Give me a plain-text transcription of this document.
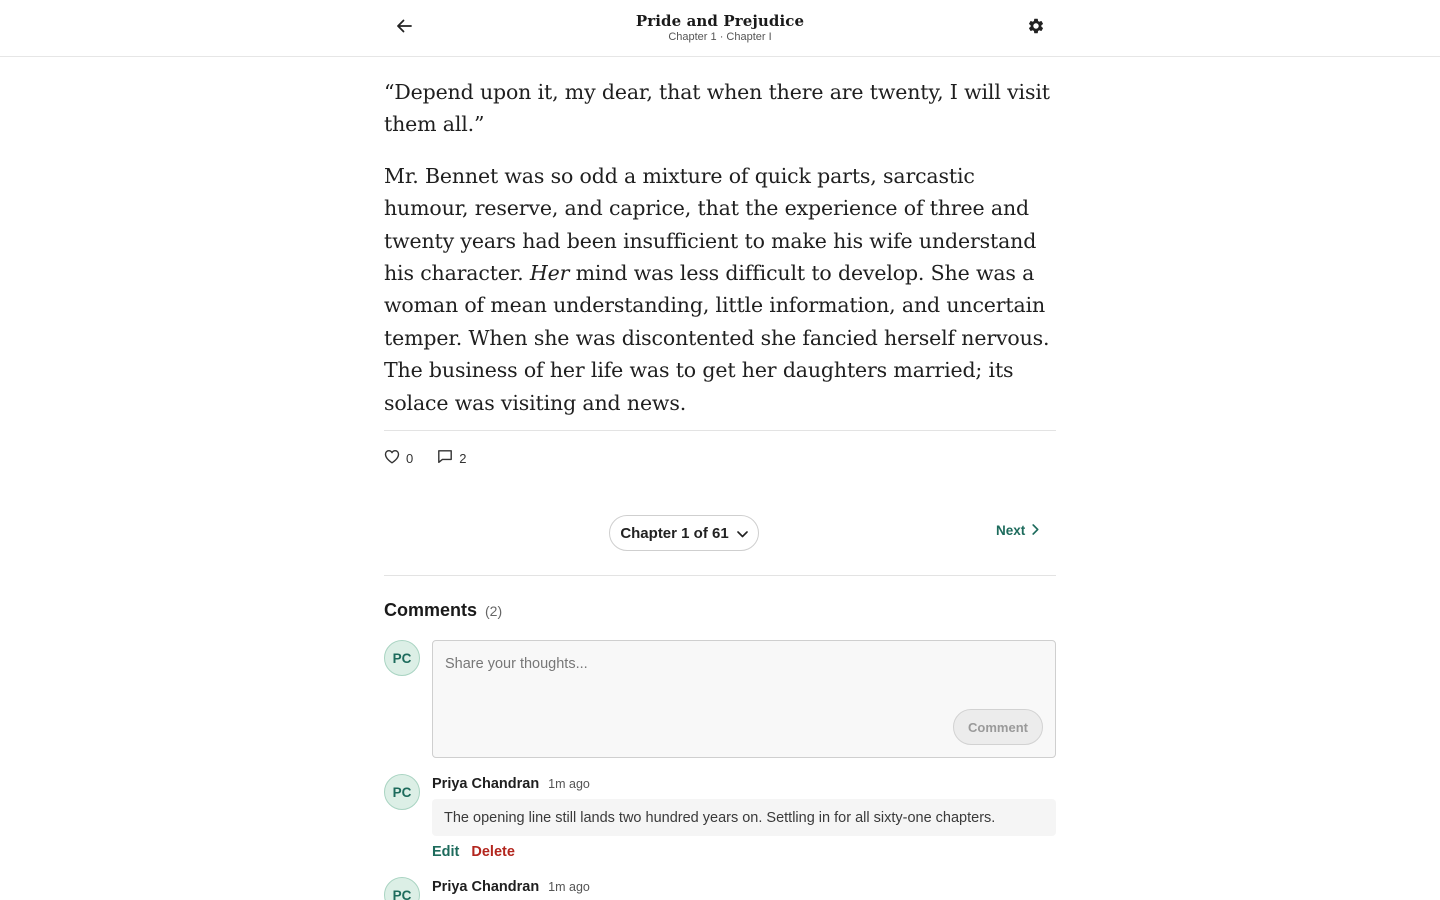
Pride and Prejudice
Chapter 1 · Chapter I

“Depend upon it, my dear, that when there are twenty, I will visit them all.”

Mr. Bennet was so odd a mixture of quick parts, sarcastic humour, reserve, and caprice, that the experience of three and twenty years had been insufficient to make his wife understand his character. Her mind was less difficult to develop. She was a woman of mean understanding, little information, and uncertain temper. When she was discontented she fancied herself nervous. The business of her life was to get her daughters married; its solace was visiting and news.

0	2
Chapter 1 of 61	Next
Comments (2)
PC
Share your thoughts...
Comment
PC	Priya Chandran 1m ago
The opening line still lands two hundred years on. Settling in for all sixty-one chapters.
Edit Delete
PC	Priya Chandran 1m ago
